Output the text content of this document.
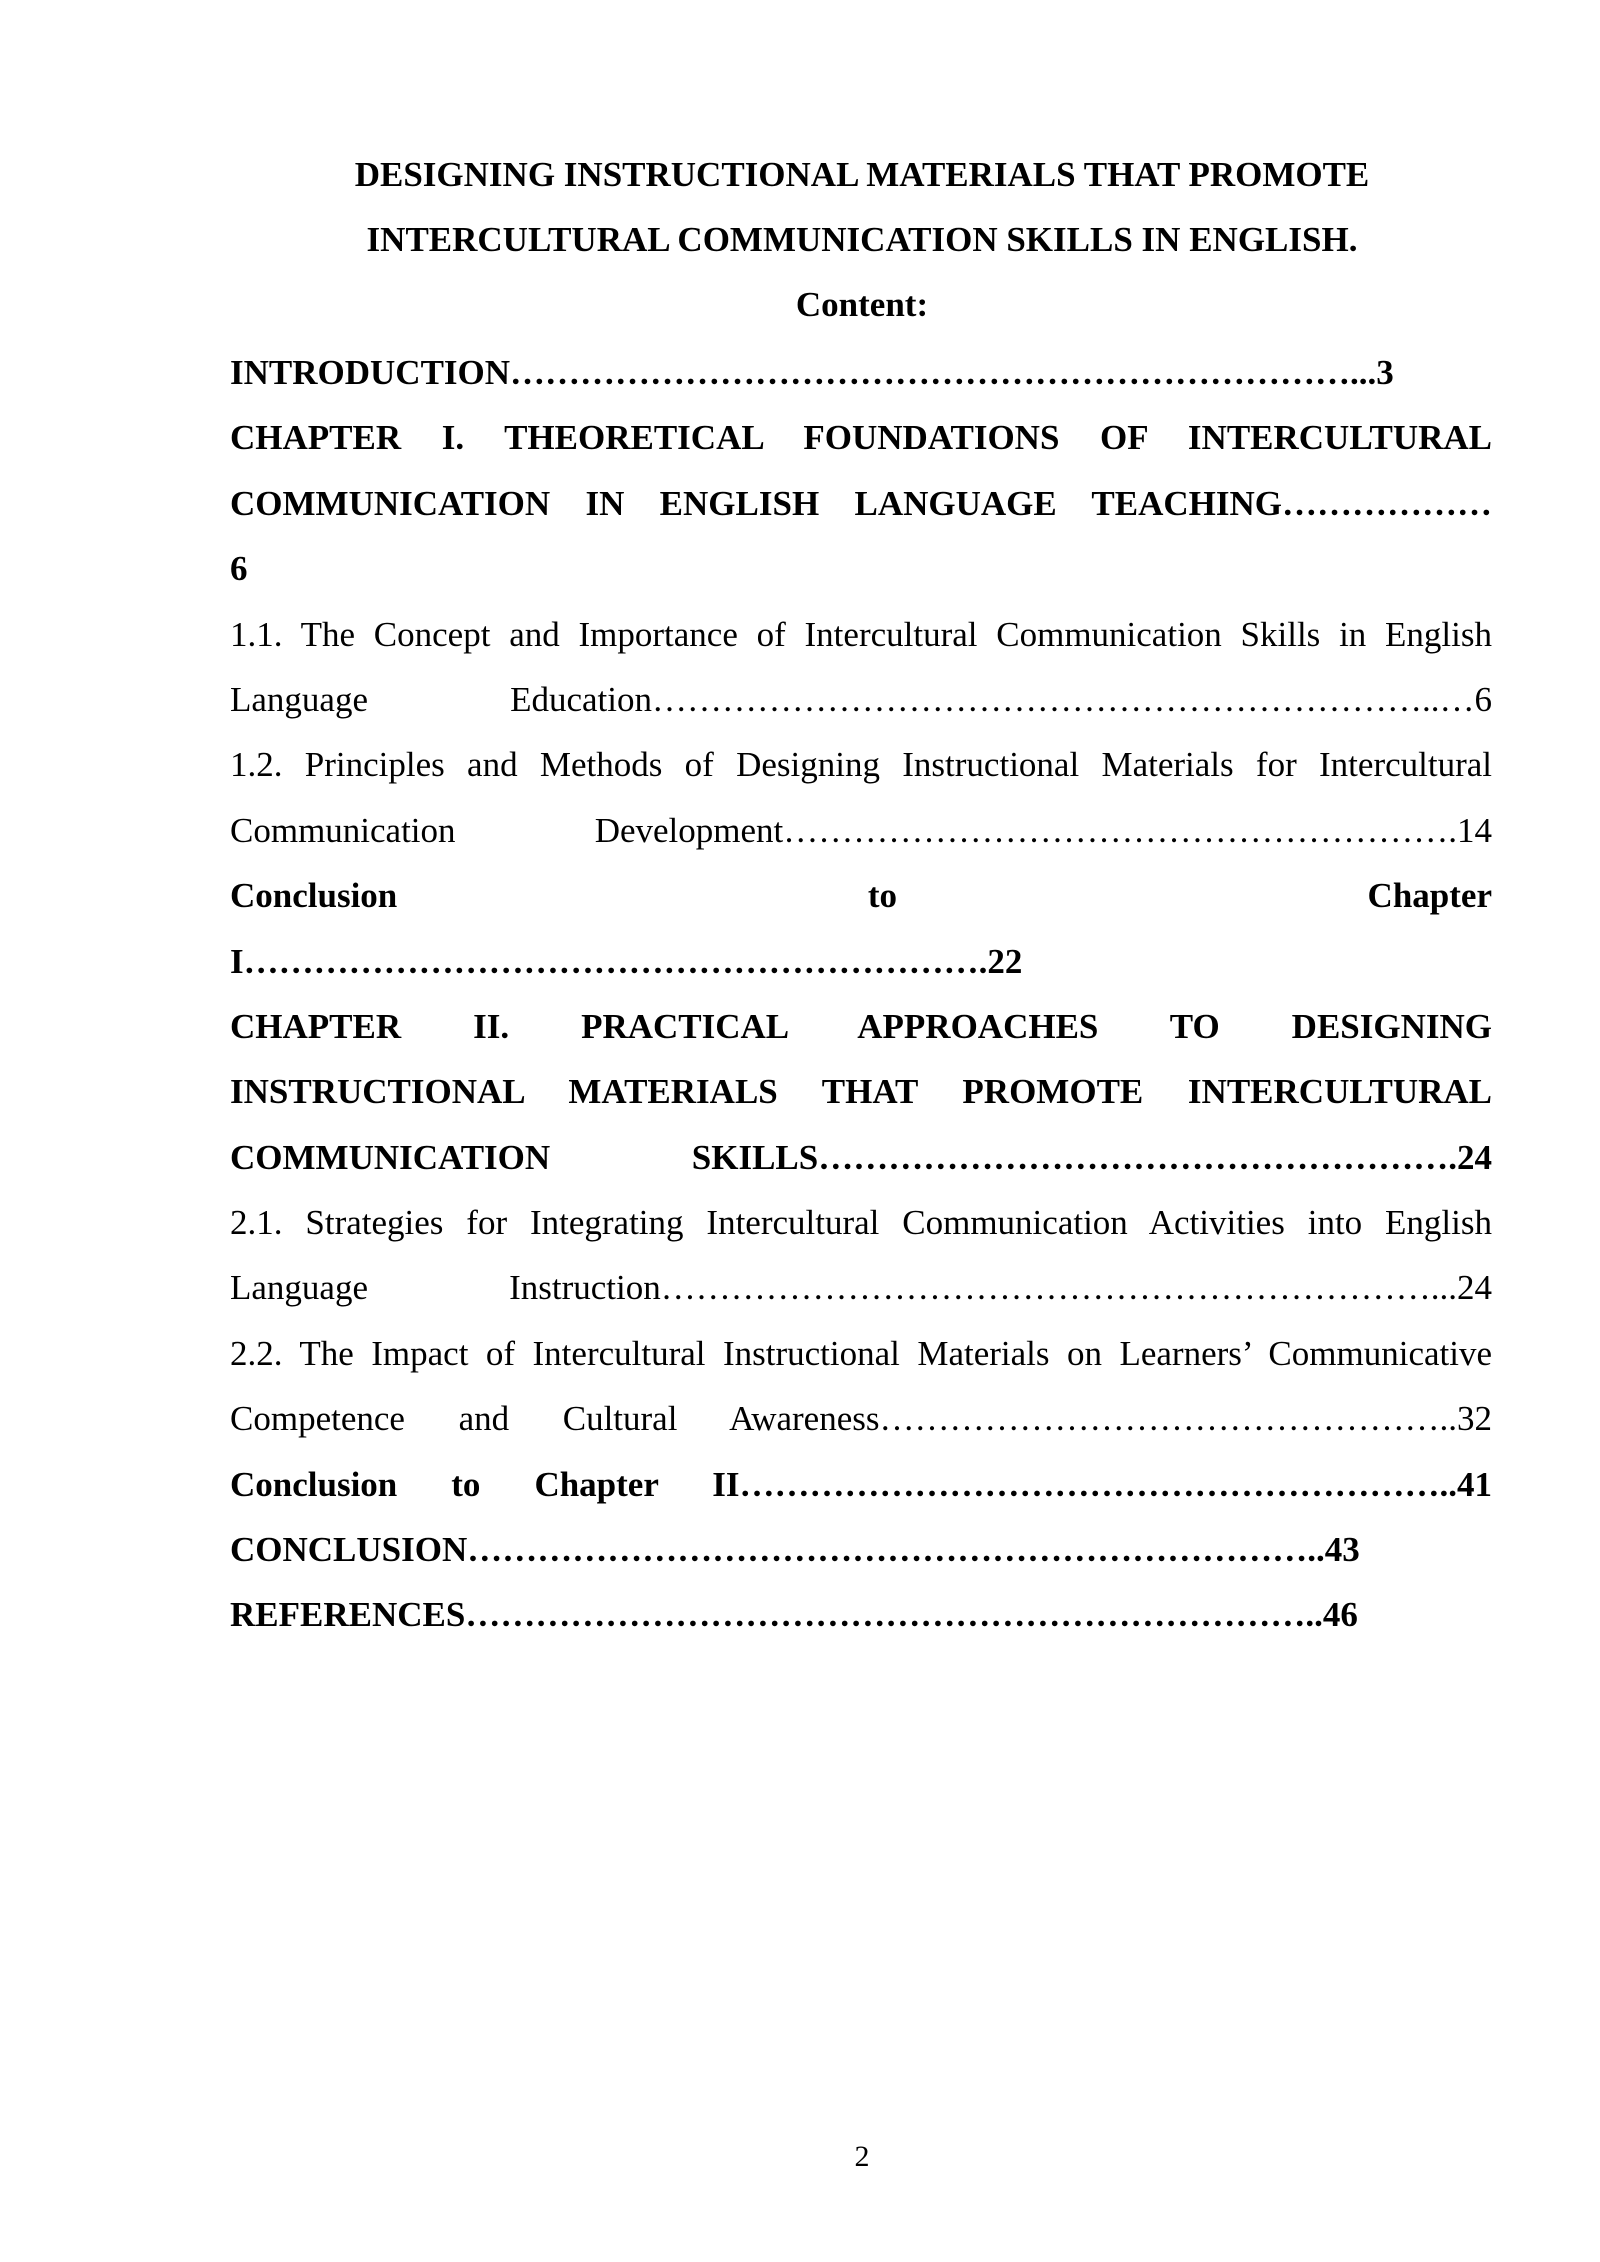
DESIGNING INSTRUCTIONAL MATERIALS THAT PROMOTE
INTERCULTURAL COMMUNICATION SKILLS IN ENGLISH.
Content:
INTRODUCTION………………………………………………………………...3
CHAPTER I. THEORETICAL FOUNDATIONS OF INTERCULTURAL
COMMUNICATION IN ENGLISH LANGUAGE TEACHING………………
6
1.1. The Concept and Importance of Intercultural Communication Skills in English
Language Education…………………………………………………………..…6
1.2. Principles and Methods of Designing Instructional Materials for Intercultural
Communication Development………………………………………………….14
Conclusion to Chapter
I……………………………………………………….22
CHAPTER II. PRACTICAL APPROACHES TO DESIGNING
INSTRUCTIONAL MATERIALS THAT PROMOTE INTERCULTURAL
COMMUNICATION SKILLS……………………………………………….24
2.1. Strategies for Integrating Intercultural Communication Activities into English
Language Instruction…………………………………………………………...24
2.2. The Impact of Intercultural Instructional Materials on Learners’ Communicative
Competence and Cultural Awareness…………………………………………..32
Conclusion to Chapter II……………………………………………………..41
CONCLUSION………………………………………………………………..43
REFERENCES………………………………………………………………..46
2
